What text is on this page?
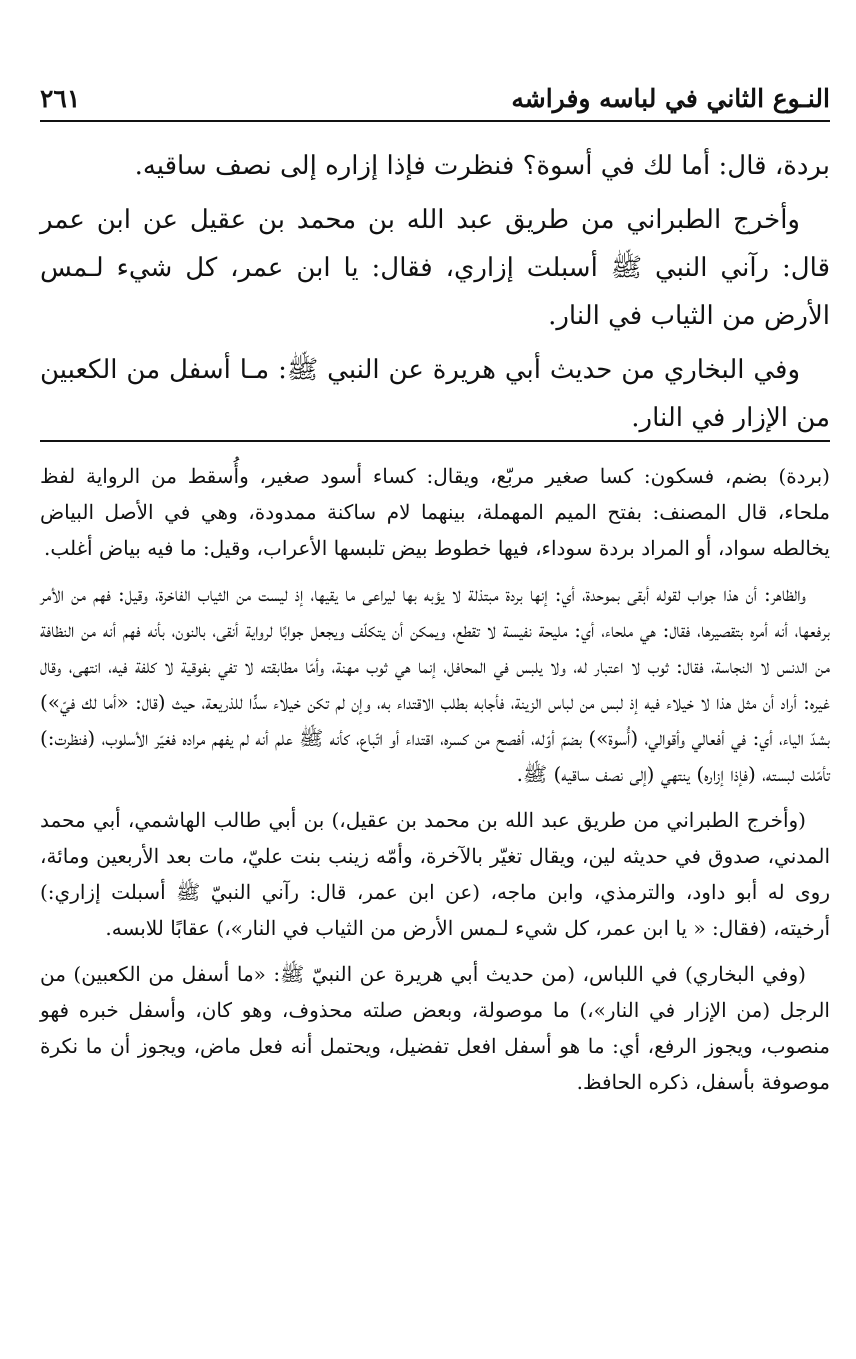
النـوع الثاني في لباسه وفراشه
٢٦١

بردة، قال: أما لك في أسوة؟ فنظرت فإذا إزاره إلى نصف ساقيه.

وأخرج الطبراني من طريق عبد الله بن محمد بن عقيل عن ابن عمر قال: رآني النبي ﷺ أسبلت إزاري، فقال: يا ابن عمر، كل شيء لـمس الأرض من الثياب في النار.

وفي البخاري من حديث أبي هريرة عن النبي ﷺ: مـا أسفل من الكعبين من الإزار في النار.

(بردة) بضم، فسكون: كسا صغير مربّع، ويقال: كساء أسود صغير، وأُسقط من الرواية لفظ ملحاء، قال المصنف: بفتح الميم المهملة، بينهما لام ساكنة ممدودة، وهي في الأصل البياض يخالطه سواد، أو المراد بردة سوداء، فيها خطوط بيض تلبسها الأعراب، وقيل: ما فيه بياض أغلب.

والظاهر: أن هذا جواب لقوله أبقى بموحدة، أي: إنها بردة مبتذلة لا يؤبه بها ليراعى ما يقيها، إذ ليست من الثياب الفاخرة، وقيل: فهم من الأمر برفعها، أنه أمره بتقصيرها، فقال: هي ملحاء، أي: مليحة نفيسة لا تقطع، ويمكن أن يتكلّف ويجعل جوابًا لرواية أنقى، بالنون، بأنه فهم أنه من النظافة من الدنس لا النجاسة، فقال: ثوب لا اعتبار له، ولا يلبس في المحافل، إنما هي ثوب مهنة، وأمّا مطابقته لا تفي بفوقية لا كلفة فيه، انتهى، وقال غيره: أراد أن مثل هذا لا خيلاء فيه إذ لبس من لباس الزينة، فأجابه بطلب الاقتداء به، وإن لم تكن خيلاء سدًّا للذريعة، حيث (قال: «أما لك فيّ») بشدّ الياء، أي: في أفعالي وأقوالي، (أُسوة») بضمّ أوّله، أفصح من كسره، اقتداء أو اتّباع، كأنه ﷺ علم أنه لم يفهم مراده فغيّر الأسلوب، (فنظرت:) تأمّلت لبسته، (فإذا إزاره) ينتهي (إلى نصف ساقيه) ﷺ.

(وأخرج الطبراني من طريق عبد الله بن محمد بن عقيل،) بن أبي طالب الهاشمي، أبي محمد المدني، صدوق في حديثه لين، ويقال تغيّر بالآخرة، وأمّه زينب بنت عليّ، مات بعد الأربعين ومائة، روى له أبو داود، والترمذي، وابن ماجه، (عن ابن عمر، قال: رآني النبيّ ﷺ أسبلت إزاري:) أرخيته، (فقال: « يا ابن عمر، كل شيء لـمس الأرض من الثياب في النار»،) عقابًا للابسه.

(وفي البخاري) في اللباس، (من حديث أبي هريرة عن النبيّ ﷺ: «ما أسفل من الكعبين) من الرجل (من الإزار في النار»،) ما موصولة، وبعض صلته محذوف، وهو كان، وأسفل خبره فهو منصوب، ويجوز الرفع، أي: ما هو أسفل افعل تفضيل، ويحتمل أنه فعل ماض، ويجوز أن ما نكرة موصوفة بأسفل، ذكره الحافظ.
